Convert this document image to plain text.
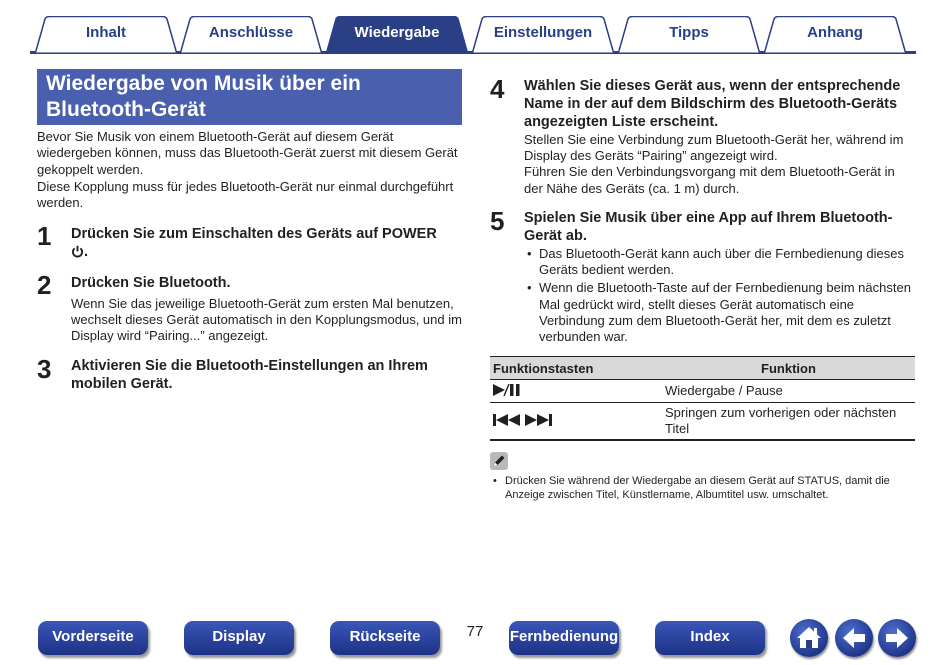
Inhalt	Anschlüsse	Wiedergabe	Einstellungen	Tipps	Anhang
Wiedergabe von Musik über ein
Bluetooth-Gerät

Bevor Sie Musik von einem Bluetooth-Gerät auf diesem Gerät wiedergeben können, muss das Bluetooth-Gerät zuerst mit diesem Gerät gekoppelt werden.

Diese Kopplung muss für jedes Bluetooth-Gerät nur einmal durchgeführt werden.

1 Drücken Sie zum Einschalten des Geräts auf POWER
.
2 Drücken Sie Bluetooth.
Wenn Sie das jeweilige Bluetooth-Gerät zum ersten Mal benutzen, wechselt dieses Gerät automatisch in den Kopplungsmodus, und im Display wird “Pairing...” angezeigt.
3 Aktivieren Sie die Bluetooth-Einstellungen an Ihrem mobilen Gerät.
4 Wählen Sie dieses Gerät aus, wenn der entsprechende Name in der auf dem Bildschirm des Bluetooth-Geräts angezeigten Liste erscheint.

Stellen Sie eine Verbindung zum Bluetooth-Gerät her, während im Display des Geräts “Pairing” angezeigt wird.

Führen Sie den Verbindungsvorgang mit dem Bluetooth-Gerät in der Nähe des Geräts (ca. 1 m) durch.

5 Spielen Sie Musik über eine App auf Ihrem Bluetooth-Gerät ab.
• Das Bluetooth-Gerät kann auch über die Fernbedienung dieses Geräts bedient werden.
• Wenn die Bluetooth-Taste auf der Fernbedienung beim nächsten Mal gedrückt wird, stellt dieses Gerät automatisch eine Verbindung zum dem Bluetooth-Gerät her, mit dem es zuletzt verbunden war.
Funktionstasten	Funktion

	Wiedergabe / Pause

	Springen zum vorherigen oder nächsten Titel
• Drücken Sie während der Wiedergabe an diesem Gerät auf STATUS, damit die Anzeige zwischen Titel, Künstlername, Albumtitel usw. umschaltet.
Vorderseite	Display	Rückseite	77	Fernbedienung	Index
